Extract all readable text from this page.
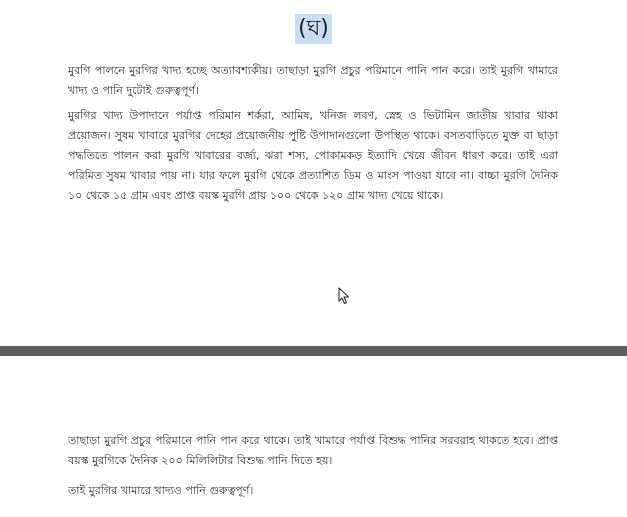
(ঘ)

মুরগি পালনে মুরগির খাদ্য হচ্ছে অত্যাবশ্যকীয়। তাছাড়া মুরগি প্রচুর পরিমানে পানি পান করে। তাই মুরগি খামারে খাদ্য ও পানি দুটোই গুরুত্বপূর্ণ।

মুরগির খাদ্য উপাদানে পর্যাপ্ত পরিমান শর্করা, আমিষ, খনিজ লবণ, স্নেহ ও ভিটামিন জাতীয় খাবার থাকা প্রয়োজন। সুষম খাবারে মুরগির দেহের প্রয়োজনীয় পুষ্টি উপাদানগুলো উপস্থিত থাকে। বসতবাড়িতে মুক্ত বা ছাড়া পদ্ধতিতে পালন করা মুরগি খাবারের বর্জ্য, ঝরা শস্য, পোকামকড় ইত্যাদি খেয়ে জীবন ধারণ করে। তাই এরা পরিমিত সুষম খাবার পায় না। যার ফলে মুরগি থেকে প্রত্যাশিত ডিম ও মাংস পাওয়া যাবে না। বাচ্চা মুরগি দৈনিক ১০ থেকে ১৫ গ্রাম এবং প্রাপ্ত বয়স্ক মুরগি প্রায় ১০০ থেকে ১২০ গ্রাম খাদ্য খেয়ে থাকে।

তাছাড়া মুরগি প্রচুর পরিমানে পানি পান করে থাকে। তাই খামারে পর্যাপ্ত বিশুদ্ধ পানির সরবরাহ থাকতে হবে। প্রাপ্ত বয়স্ক মুরগিকে দৈনিক ২০০ মিলিলিটার বিশুদ্ধ পানি দিতে হয়।

তাই মুরগির খামারে খাদ্যও পানি গুরুত্বপূর্ণ।
